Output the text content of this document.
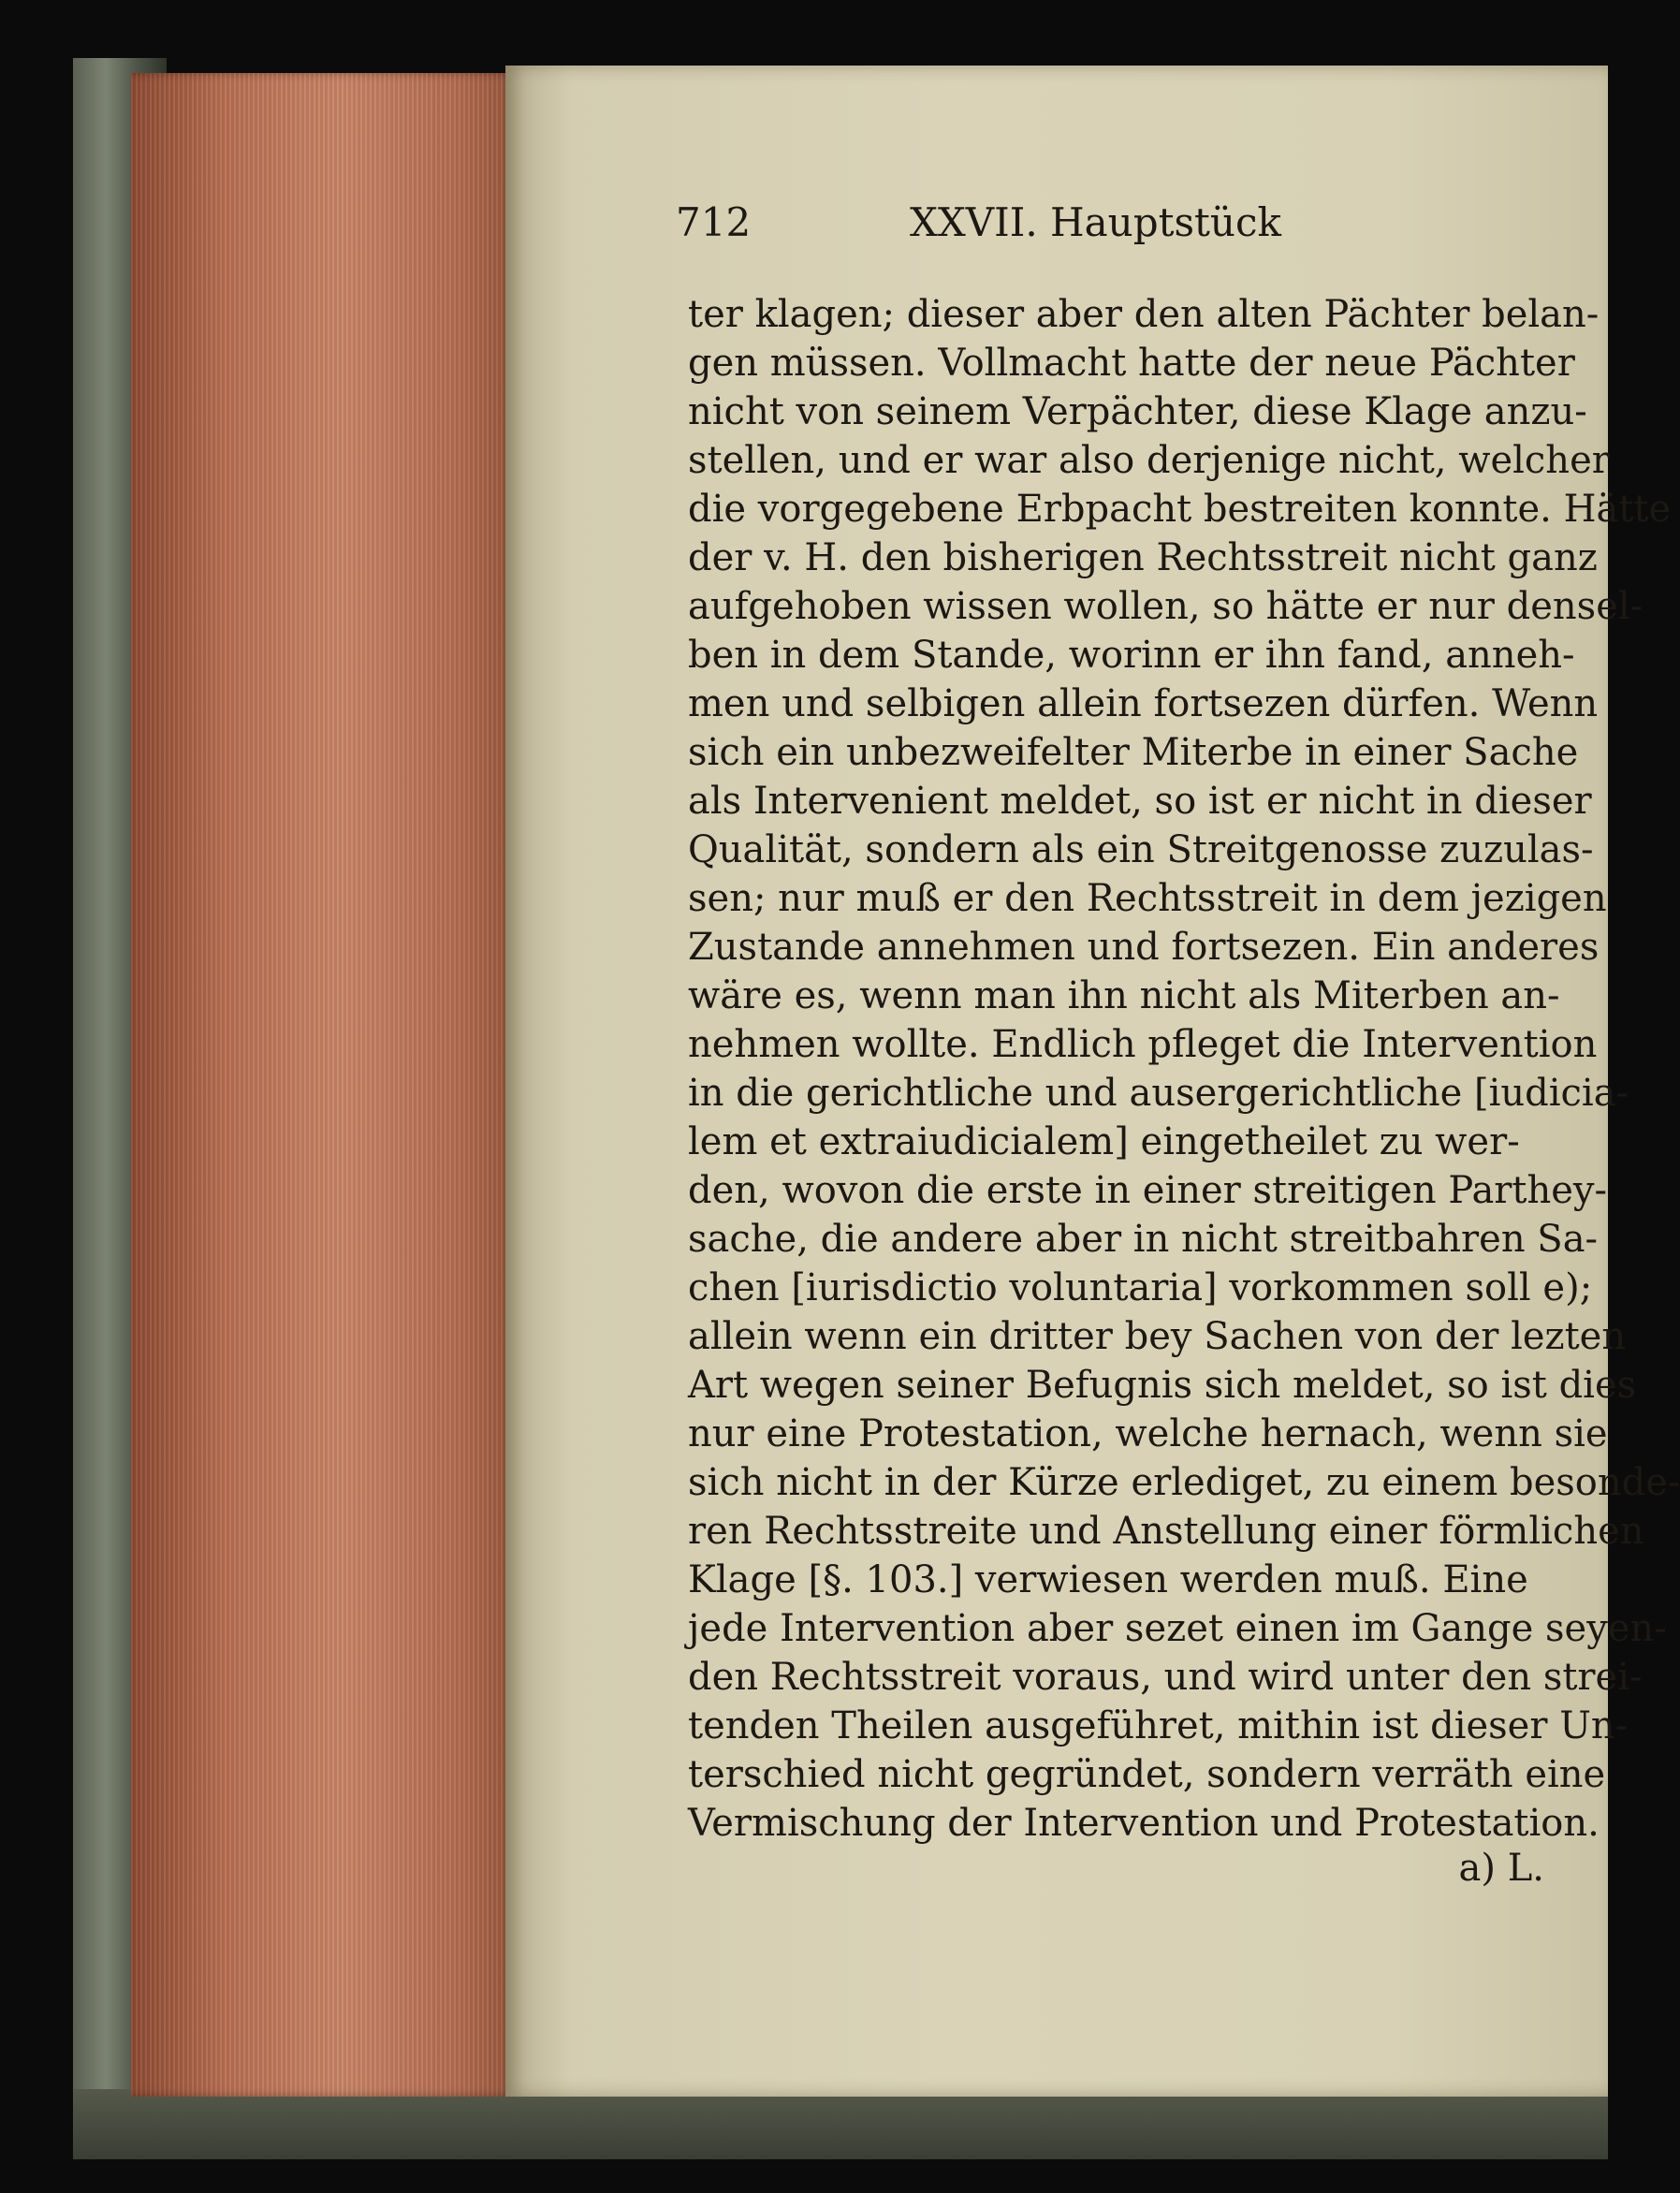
712	XXVII. Hauptstück

ter klagen; dieser aber den alten Pächter belan-

gen müssen. Vollmacht hatte der neue Pächter

nicht von seinem Verpächter, diese Klage anzu-

stellen, und er war also derjenige nicht, welcher

die vorgegebene Erbpacht bestreiten konnte. Hätte

der v. H. den bisherigen Rechtsstreit nicht ganz

aufgehoben wissen wollen, so hätte er nur densel-

ben in dem Stande, worinn er ihn fand, anneh-

men und selbigen allein fortsezen dürfen. Wenn

sich ein unbezweifelter Miterbe in einer Sache

als Intervenient meldet, so ist er nicht in dieser

Qualität, sondern als ein Streitgenosse zuzulas-

sen; nur muß er den Rechtsstreit in dem jezigen

Zustande annehmen und fortsezen. Ein anderes

wäre es, wenn man ihn nicht als Miterben an-

nehmen wollte. Endlich pfleget die Intervention

in die gerichtliche und ausergerichtliche [iudicia-

lem et extraiudicialem] eingetheilet zu wer-

den, wovon die erste in einer streitigen Parthey-

sache, die andere aber in nicht streitbahren Sa-

chen [iurisdictio voluntaria] vorkommen soll e);

allein wenn ein dritter bey Sachen von der lezten

Art wegen seiner Befugnis sich meldet, so ist dies

nur eine Protestation, welche hernach, wenn sie

sich nicht in der Kürze erlediget, zu einem besonde-

ren Rechtsstreite und Anstellung einer förmlichen

Klage [§. 103.] verwiesen werden muß. Eine

jede Intervention aber sezet einen im Gange seyen-

den Rechtsstreit voraus, und wird unter den strei-

tenden Theilen ausgeführet, mithin ist dieser Un-

terschied nicht gegründet, sondern verräth eine

Vermischung der Intervention und Protestation.

a) L.
